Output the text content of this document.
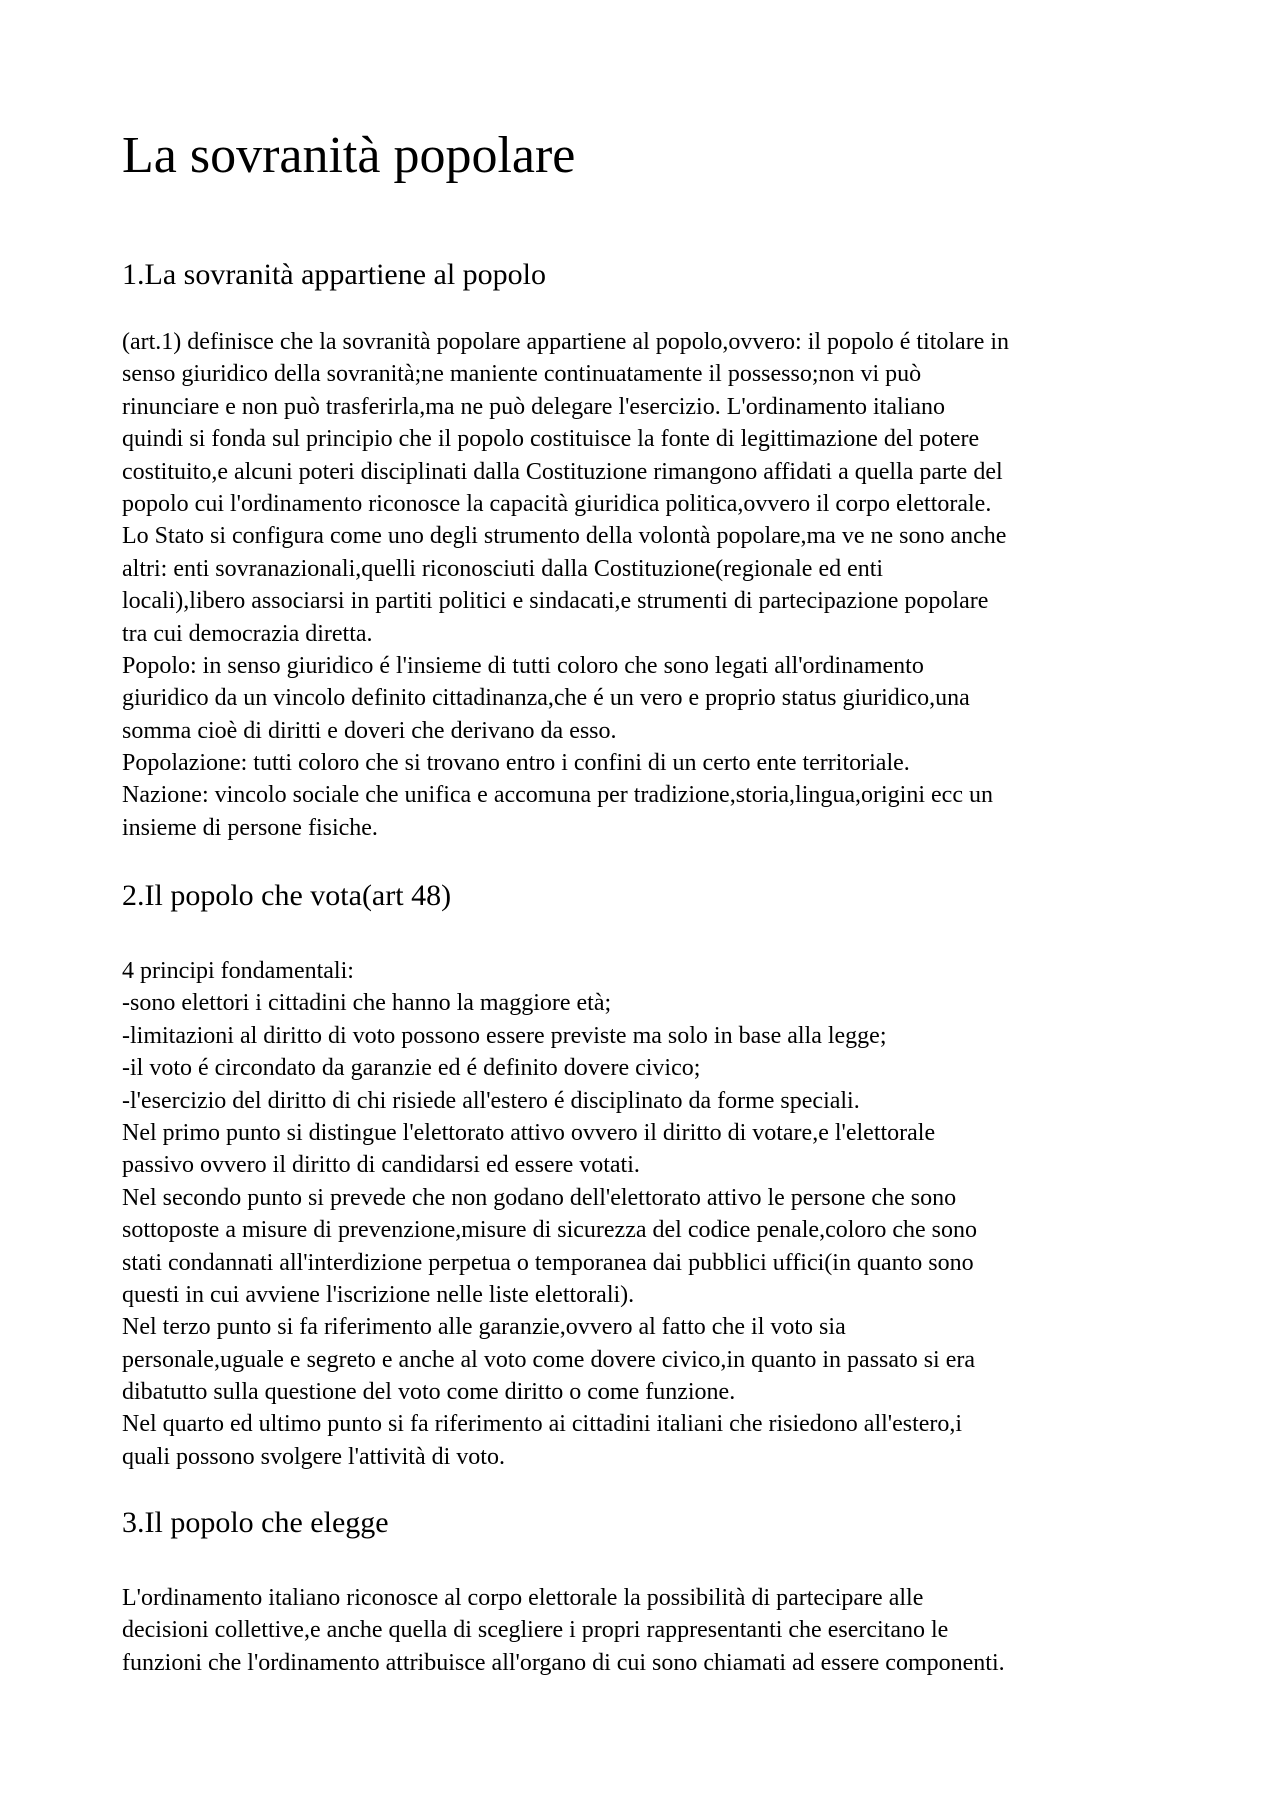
La sovranità popolare
1.La sovranità appartiene al popolo
(art.1) definisce che la sovranità popolare appartiene al popolo,ovvero: il popolo é titolare in
senso giuridico della sovranità;ne maniente continuatamente il possesso;non vi può
rinunciare e non può trasferirla,ma ne può delegare l'esercizio. L'ordinamento italiano
quindi si fonda sul principio che il popolo costituisce la fonte di legittimazione del potere
costituito,e alcuni poteri disciplinati dalla Costituzione rimangono affidati a quella parte del
popolo cui l'ordinamento riconosce la capacità giuridica politica,ovvero il corpo elettorale.
Lo Stato si configura come uno degli strumento della volontà popolare,ma ve ne sono anche
altri: enti sovranazionali,quelli riconosciuti dalla Costituzione(regionale ed enti
locali),libero associarsi in partiti politici e sindacati,e strumenti di partecipazione popolare
tra cui democrazia diretta.
Popolo: in senso giuridico é l'insieme di tutti coloro che sono legati all'ordinamento
giuridico da un vincolo definito cittadinanza,che é un vero e proprio status giuridico,una
somma cioè di diritti e doveri che derivano da esso.
Popolazione: tutti coloro che si trovano entro i confini di un certo ente territoriale.
Nazione: vincolo sociale che unifica e accomuna per tradizione,storia,lingua,origini ecc un
insieme di persone fisiche.
2.Il popolo che vota(art 48)
4 principi fondamentali:
-sono elettori i cittadini che hanno la maggiore età;
-limitazioni al diritto di voto possono essere previste ma solo in base alla legge;
-il voto é circondato da garanzie ed é definito dovere civico;
-l'esercizio del diritto di chi risiede all'estero é disciplinato da forme speciali.
Nel primo punto si distingue l'elettorato attivo ovvero il diritto di votare,e l'elettorale
passivo ovvero il diritto di candidarsi ed essere votati.
Nel secondo punto si prevede che non godano dell'elettorato attivo le persone che sono
sottoposte a misure di prevenzione,misure di sicurezza del codice penale,coloro che sono
stati condannati all'interdizione perpetua o temporanea dai pubblici uffici(in quanto sono
questi in cui avviene l'iscrizione nelle liste elettorali).
Nel terzo punto si fa riferimento alle garanzie,ovvero al fatto che il voto sia
personale,uguale e segreto e anche al voto come dovere civico,in quanto in passato si era
dibatutto sulla questione del voto come diritto o come funzione.
Nel quarto ed ultimo punto si fa riferimento ai cittadini italiani che risiedono all'estero,i
quali possono svolgere l'attività di voto.
3.Il popolo che elegge
L'ordinamento italiano riconosce al corpo elettorale la possibilità di partecipare alle
decisioni collettive,e anche quella di scegliere i propri rappresentanti che esercitano le
funzioni che l'ordinamento attribuisce all'organo di cui sono chiamati ad essere componenti.
